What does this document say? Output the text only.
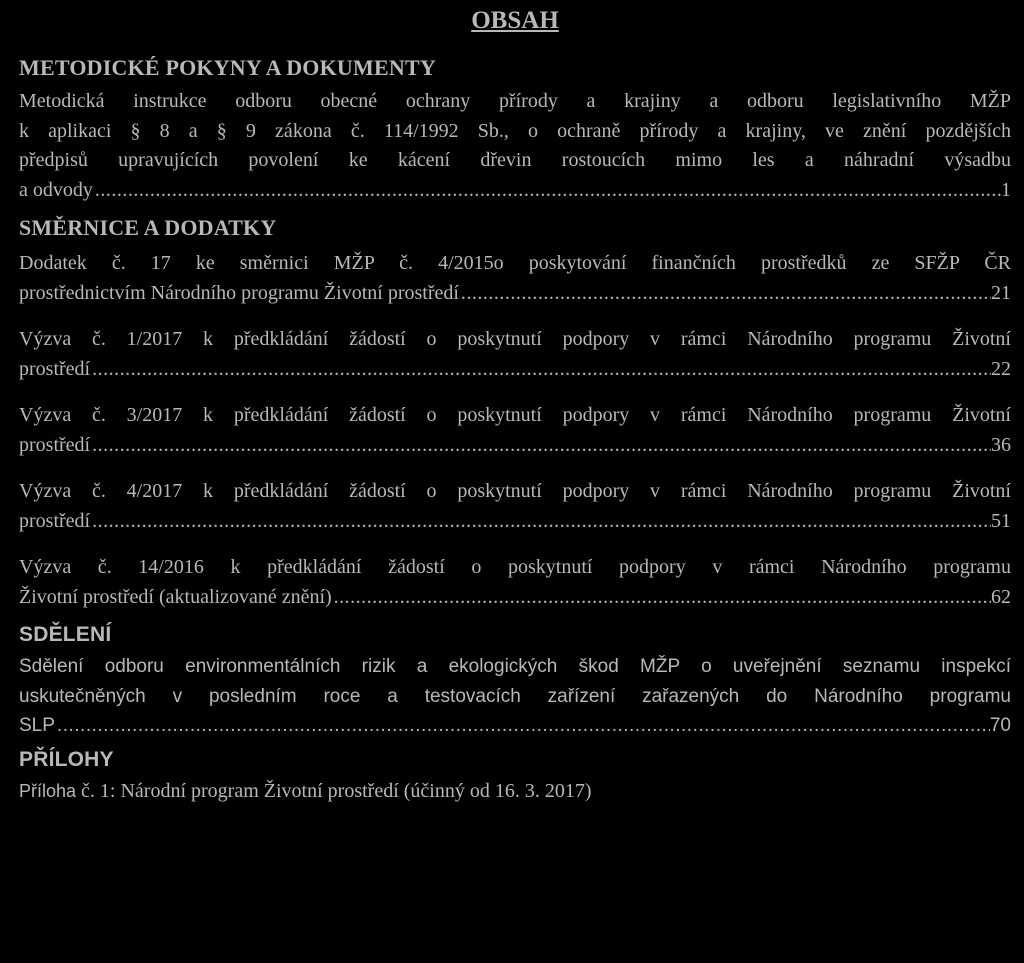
OBSAH
METODICKÉ POKYNY A DOKUMENTY
Metodická instrukce odboru obecné ochrany přírody a krajiny a odboru legislativního MŽP
k aplikaci § 8 a § 9 zákona č. 114/1992 Sb., o ochraně přírody a krajiny, ve znění pozdějších
předpisů upravujících povolení ke kácení dřevin rostoucích mimo les a náhradní výsadbu
a odvody .....	1
SMĚRNICE A DODATKY
Dodatek č. 17 ke směrnici MŽP č. 4/2015o poskytování finančních prostředků ze SFŽP ČR
prostřednictvím Národního programu Životní prostředí .....	21
Výzva č. 1/2017 k předkládání žádostí o poskytnutí podpory v rámci Národního programu Životní
prostředí .....	22
Výzva č. 3/2017 k předkládání žádostí o poskytnutí podpory v rámci Národního programu Životní
prostředí .....	36
Výzva č. 4/2017 k předkládání žádostí o poskytnutí podpory v rámci Národního programu Životní
prostředí .....	51
Výzva č. 14/2016 k předkládání žádostí o poskytnutí podpory v rámci Národního programu
Životní prostředí (aktualizované znění) .....	62
SDĚLENÍ
Sdělení odboru environmentálních rizik a ekologických škod MŽP o uveřejnění seznamu inspekcí
uskutečněných v posledním roce a testovacích zařízení zařazených do Národního programu
SLP .....	70
PŘÍLOHY
Příloha č. 1: Národní program Životní prostředí (účinný od 16. 3. 2017)
